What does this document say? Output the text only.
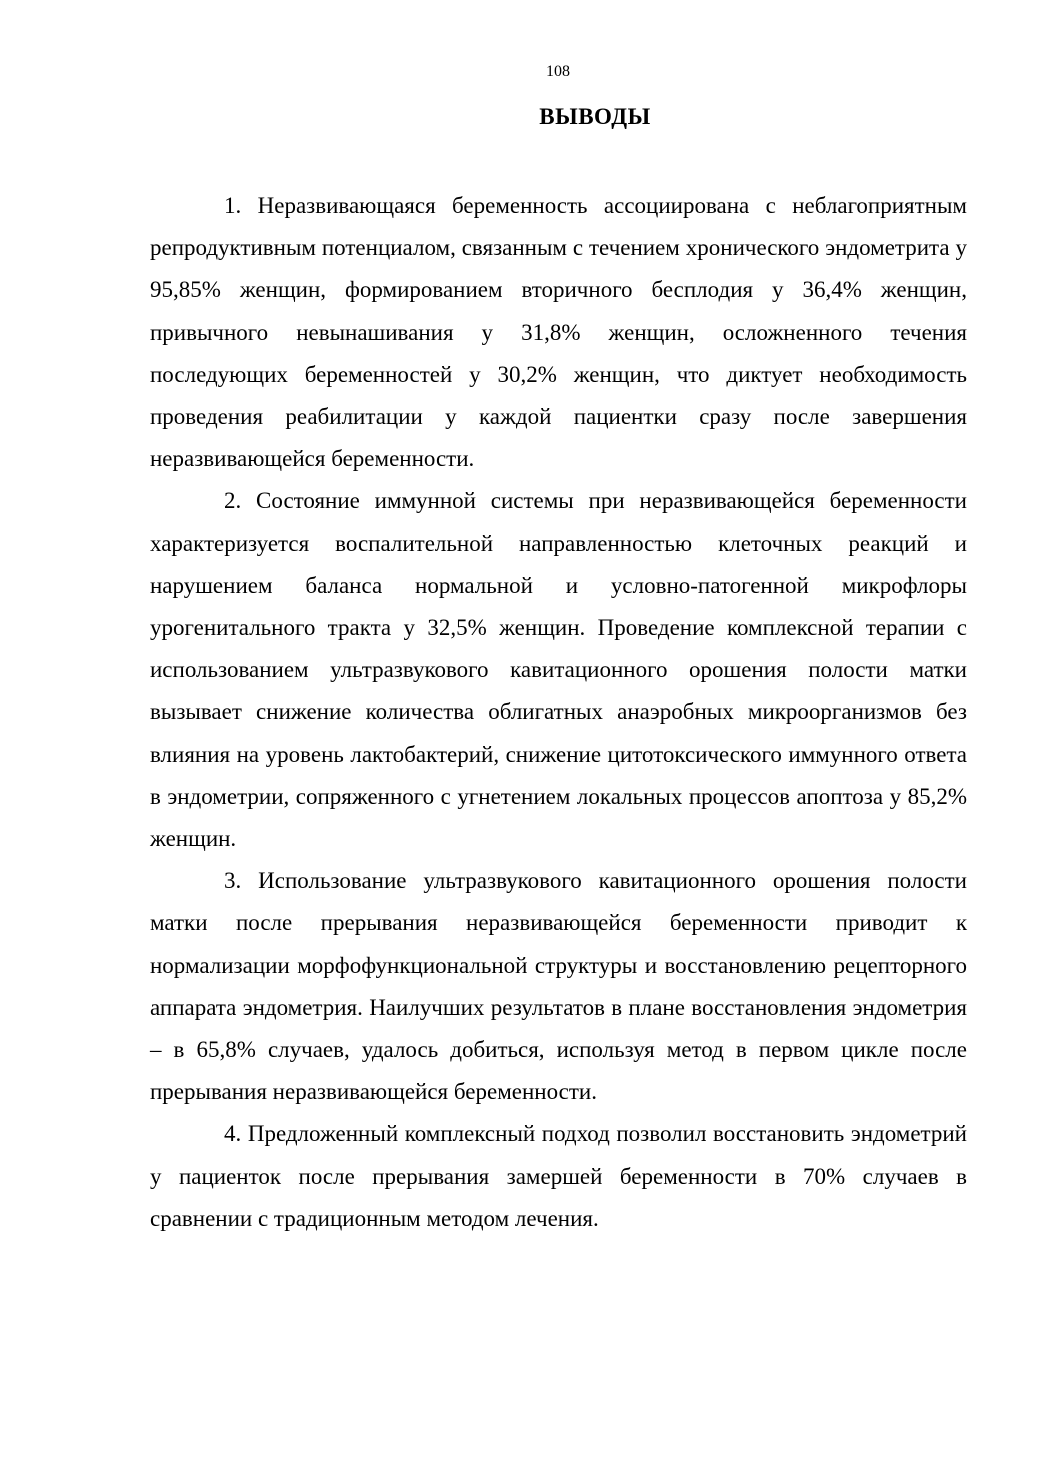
108
ВЫВОДЫ

1. Неразвивающаяся беременность ассоциирована с неблагоприятным репродуктивным потенциалом, связанным с течением хронического эндометрита у 95,85% женщин, формированием вторичного бесплодия у 36,4% женщин, привычного невынашивания у 31,8% женщин, осложненного течения последующих беременностей у 30,2% женщин, что диктует необходимость проведения реабилитации у каждой пациентки сразу после завершения неразвивающейся беременности.

2. Состояние иммунной системы при неразвивающейся беременности характеризуется воспалительной направленностью клеточных реакций и нарушением баланса нормальной и условно-патогенной микрофлоры урогенитального тракта у 32,5% женщин. Проведение комплексной терапии с использованием ультразвукового кавитационного орошения полости матки вызывает снижение количества облигатных анаэробных микроорганизмов без влияния на уровень лактобактерий, снижение цитотоксического иммунного ответа в эндометрии, сопряженного с угнетением локальных процессов апоптоза у 85,2% женщин.

3. Использование ультразвукового кавитационного орошения полости матки после прерывания неразвивающейся беременности приводит к нормализации морфофункциональной структуры и восстановлению рецепторного аппарата эндометрия. Наилучших результатов в плане восстановления эндометрия – в 65,8% случаев, удалось добиться, используя метод в первом цикле после прерывания неразвивающейся беременности.

4. Предложенный комплексный подход позволил восстановить эндометрий у пациенток после прерывания замершей беременности в 70% случаев в сравнении с традиционным методом лечения.
